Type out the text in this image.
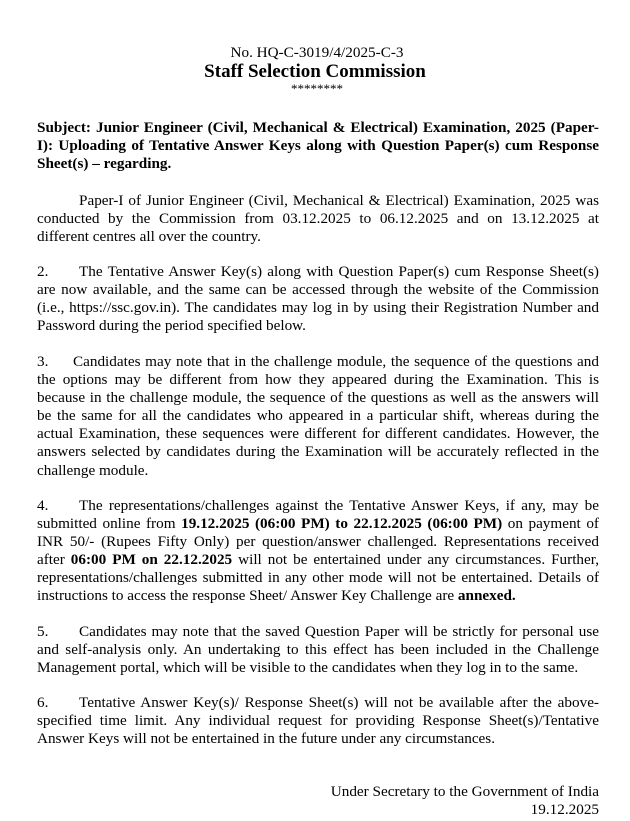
No. HQ-C-3019/4/2025-C-3
Staff Selection Commission
********

Subject: Junior Engineer (Civil, Mechanical & Electrical) Examination, 2025 (Paper-I): Uploading of Tentative Answer Keys along with Question Paper(s) cum Response Sheet(s) – regarding.

Paper-I of Junior Engineer (Civil, Mechanical & Electrical) Examination, 2025 was conducted by the Commission from 03.12.2025 to 06.12.2025 and on 13.12.2025 at different centres all over the country.

2. The Tentative Answer Key(s) along with Question Paper(s) cum Response Sheet(s) are now available, and the same can be accessed through the website of the Commission (i.e., https://ssc.gov.in). The candidates may log in by using their Registration Number and Password during the period specified below.

3. Candidates may note that in the challenge module, the sequence of the questions and the options may be different from how they appeared during the Examination. This is because in the challenge module, the sequence of the questions as well as the answers will be the same for all the candidates who appeared in a particular shift, whereas during the actual Examination, these sequences were different for different candidates. However, the answers selected by candidates during the Examination will be accurately reflected in the challenge module.

4. The representations/challenges against the Tentative Answer Keys, if any, may be submitted online from 19.12.2025 (06:00 PM) to 22.12.2025 (06:00 PM) on payment of INR 50/- (Rupees Fifty Only) per question/answer challenged. Representations received after 06:00 PM on 22.12.2025 will not be entertained under any circumstances. Further, representations/challenges submitted in any other mode will not be entertained. Details of instructions to access the response Sheet/ Answer Key Challenge are annexed.

5. Candidates may note that the saved Question Paper will be strictly for personal use and self-analysis only. An undertaking to this effect has been included in the Challenge Management portal, which will be visible to the candidates when they log in to the same.

6. Tentative Answer Key(s)/ Response Sheet(s) will not be available after the above-specified time limit. Any individual request for providing Response Sheet(s)/Tentative Answer Keys will not be entertained in the future under any circumstances.

Under Secretary to the Government of India
19.12.2025
